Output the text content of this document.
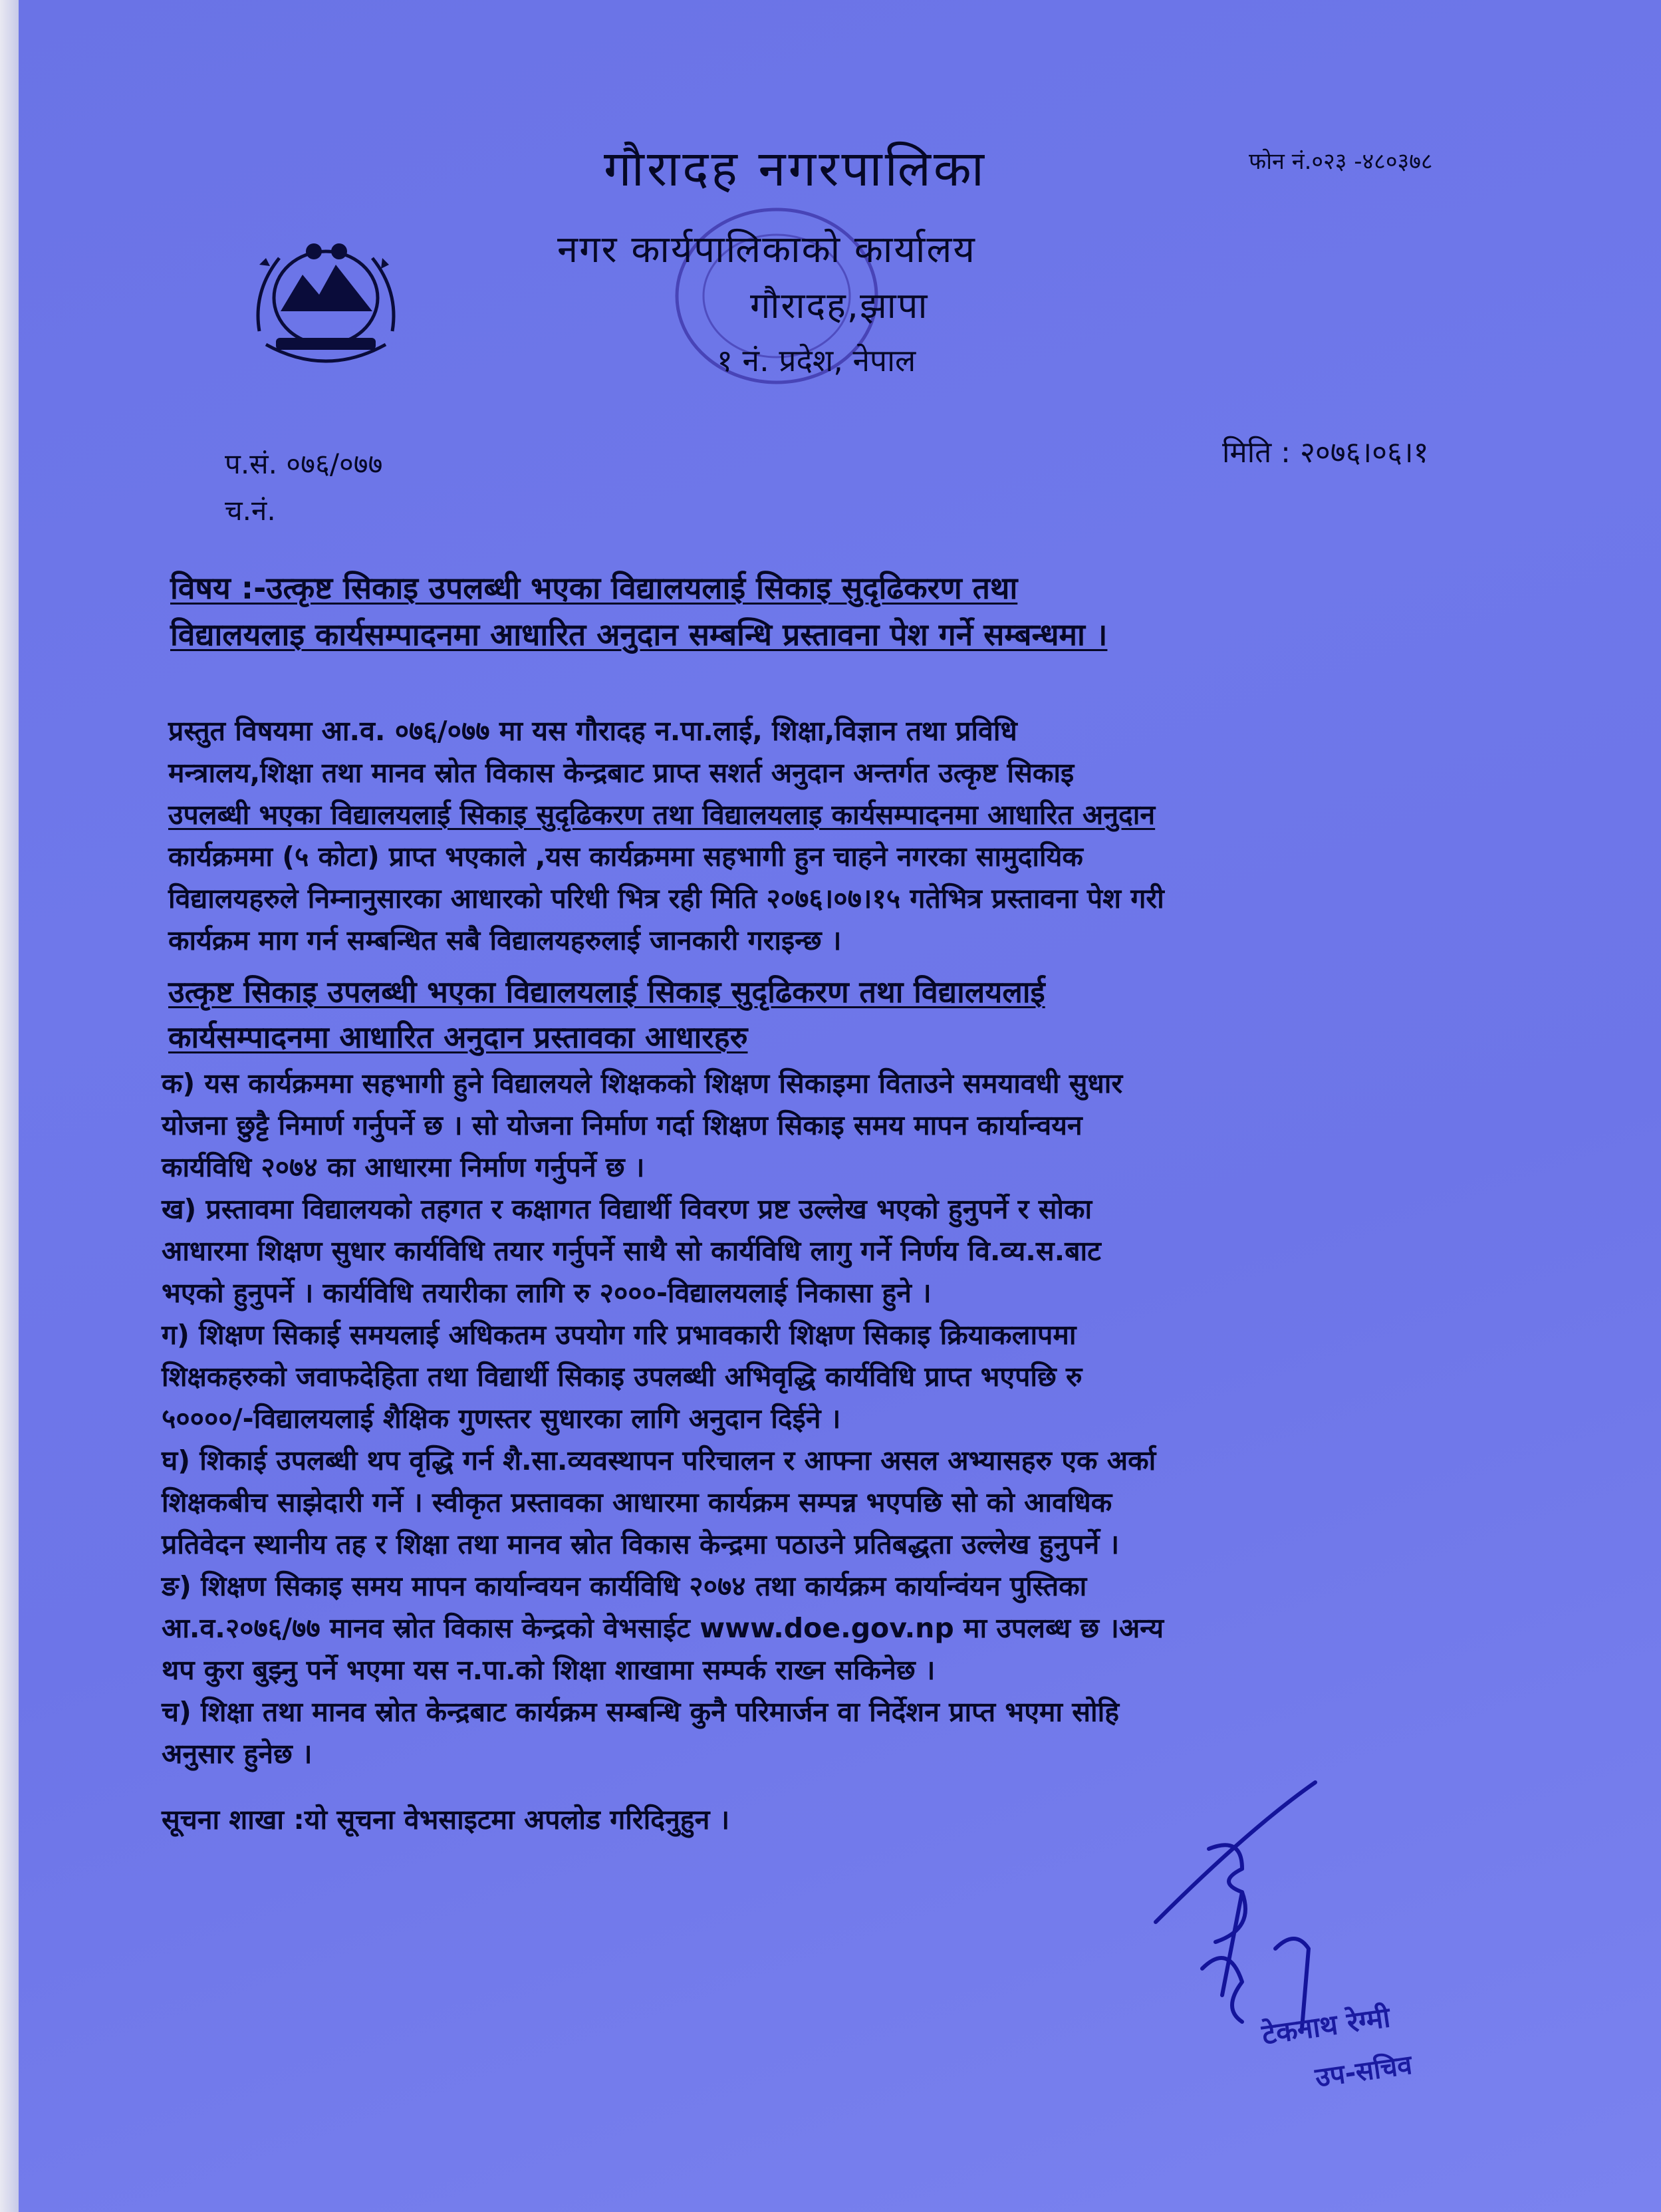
गौरादह नगरपालिका
नगर कार्यपालिकाको कार्यालय
गौरादह,झापा
१ नं. प्रदेश, नेपाल
फोन नं.०२३ -४८०३७८
प.सं. ०७६/०७७
च.नं.
मिति : २०७६।०६।१
विषय :-उत्कृष्ट सिकाइ उपलब्धी भएका विद्यालयलाई सिकाइ सुदृढिकरण तथा
विद्यालयलाइ कार्यसम्पादनमा आधारित अनुदान सम्बन्धि प्रस्तावना पेश गर्ने सम्बन्धमा ।
प्रस्तुत विषयमा आ.व. ०७६/०७७ मा यस गौरादह न.पा.लाई, शिक्षा,विज्ञान तथा प्रविधि
मन्त्रालय,शिक्षा तथा मानव स्रोत विकास केन्द्रबाट प्राप्त सशर्त अनुदान अन्तर्गत उत्कृष्ट सिकाइ
उपलब्धी भएका विद्यालयलाई सिकाइ सुदृढिकरण तथा विद्यालयलाइ कार्यसम्पादनमा आधारित अनुदान
कार्यक्रममा (५ कोटा) प्राप्त भएकाले ,यस कार्यक्रममा सहभागी हुन चाहने नगरका सामुदायिक
विद्यालयहरुले निम्नानुसारका आधारको परिधी भित्र रही मिति २०७६।०७।१५ गतेभित्र प्रस्तावना पेश गरी
कार्यक्रम माग गर्न सम्बन्धित सबै विद्यालयहरुलाई जानकारी गराइन्छ ।
उत्कृष्ट सिकाइ उपलब्धी भएका विद्यालयलाई सिकाइ सुदृढिकरण तथा विद्यालयलाई
कार्यसम्पादनमा आधारित अनुदान प्रस्तावका आधारहरु
क) यस कार्यक्रममा सहभागी हुने विद्यालयले शिक्षकको शिक्षण सिकाइमा विताउने समयावधी सुधार
योजना छुट्टै निमार्ण गर्नुपर्ने छ । सो योजना निर्माण गर्दा शिक्षण सिकाइ समय मापन कार्यान्वयन
कार्यविधि २०७४ का आधारमा निर्माण गर्नुपर्ने छ ।
ख) प्रस्तावमा विद्यालयको तहगत र कक्षागत विद्यार्थी विवरण प्रष्ट उल्लेख भएको हुनुपर्ने र सोका
आधारमा शिक्षण सुधार कार्यविधि तयार गर्नुपर्ने साथै सो कार्यविधि लागु गर्ने निर्णय वि.व्य.स.बाट
भएको हुनुपर्ने । कार्यविधि तयारीका लागि रु २०००-विद्यालयलाई निकासा हुने ।
ग) शिक्षण सिकाई समयलाई अधिकतम उपयोग गरि प्रभावकारी शिक्षण सिकाइ क्रियाकलापमा
शिक्षकहरुको जवाफदेहिता तथा विद्यार्थी सिकाइ उपलब्धी अभिवृद्धि कार्यविधि प्राप्त भएपछि रु
५००००/-विद्यालयलाई शैक्षिक गुणस्तर सुधारका लागि अनुदान दिईने ।
घ) शिकाई उपलब्धी थप वृद्धि गर्न शै.सा.व्यवस्थापन परिचालन र आफ्ना असल अभ्यासहरु एक अर्का
शिक्षकबीच साझेदारी गर्ने । स्वीकृत प्रस्तावका आधारमा कार्यक्रम सम्पन्न भएपछि सो को आवधिक
प्रतिवेदन स्थानीय तह र शिक्षा तथा मानव स्रोत विकास केन्द्रमा पठाउने प्रतिबद्धता उल्लेख हुनुपर्ने ।
ङ) शिक्षण सिकाइ समय मापन कार्यान्वयन कार्यविधि २०७४ तथा कार्यक्रम कार्यान्वंयन पुस्तिका
आ.व.२०७६/७७ मानव स्रोत विकास केन्द्रको वेभसाईट www.doe.gov.np मा उपलब्ध छ ।अन्य
थप कुरा बुझ्नु पर्ने भएमा यस न.पा.को शिक्षा शाखामा सम्पर्क राख्न सकिनेछ ।
च) शिक्षा तथा मानव स्रोत केन्द्रबाट कार्यक्रम सम्बन्धि कुनै परिमार्जन वा निर्देशन प्राप्त भएमा सोहि
अनुसार हुनेछ ।
सूचना शाखा :यो सूचना वेभसाइटमा अपलोड गरिदिनुहुन ।
टेकनाथ रेग्मी
उप-सचिव
